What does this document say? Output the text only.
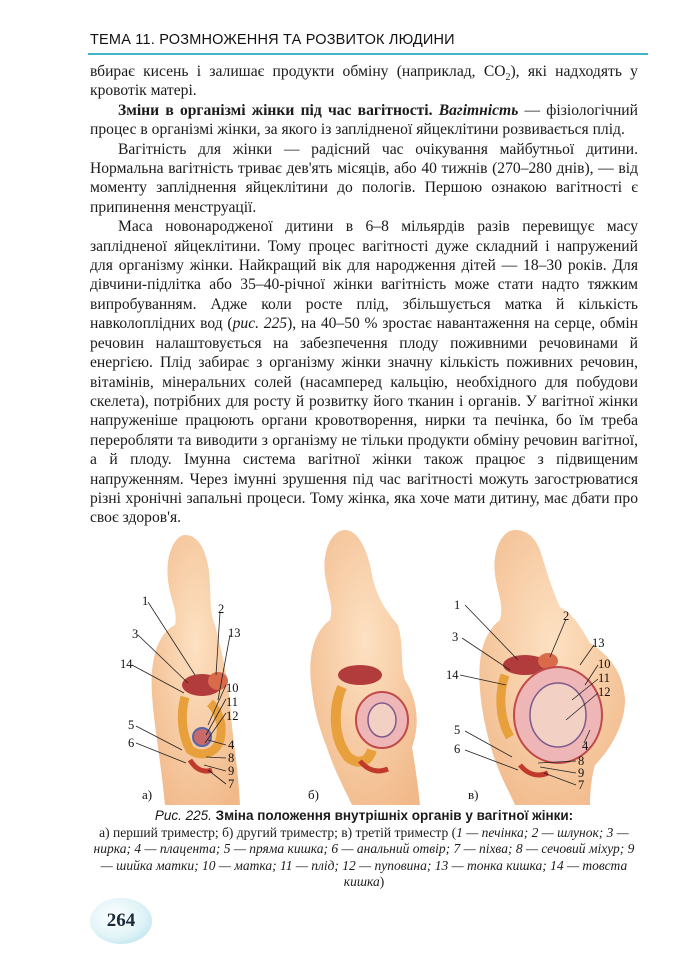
ТЕМА 11. РОЗМНОЖЕННЯ ТА РОЗВИТОК ЛЮДИНИ

вбирає кисень і залишає продукти обміну (наприклад, $CO_2$), які надходять у кровотік матері.

Зміни в організмі жінки під час вагітності. Вагітність — фізіологічний процес в організмі жінки, за якого із заплідненої яйцеклітини розвивається плід.

Вагітність для жінки — радісний час очікування майбутньої дитини. Нормальна вагітність триває дев'ять місяців, або 40 тижнів (270–280 днів), — від моменту запліднення яйцеклітини до пологів. Першою ознакою вагітності є припинення менструації.

Маса новонародженої дитини в 6–8 мільярдів разів перевищує масу заплідненої яйцеклітини. Тому процес вагітності дуже складний і напружений для організму жінки. Найкращий вік для народження дітей — 18–30 років. Для дівчини-підлітка або 35–40-річної жінки вагітність може стати надто тяжким випробуванням. Адже коли росте плід, збільшується матка й кількість навколоплідних вод (рис. 225), на 40–50 % зростає навантаження на серце, обмін речовин налаштовується на забезпечення плоду поживними речовинами й енергією. Плід забирає з організму жінки значну кількість поживних речовин, вітамінів, мінеральних солей (насамперед кальцію, необхідного для побудови скелета), потрібних для росту й розвитку його тканин і органів. У вагітної жінки напруженіше працюють органи кровотворення, нирки та печінка, бо їм треба переробляти та виводити з організму не тільки продукти обміну речовин вагітної, а й плоду. Імунна система вагітної жінки також працює з підвищеним напруженням. Через імунні зрушення під час вагітності можуть загострюватися різні хронічні запальні процеси. Тому жінка, яка хоче мати дитину, має дбати про своє здоров'я.

1
3
14
2
13
10
11
12
5
6	4
8
9
7
а)	б)
1
3
14
2
13
10
11
12
5
6	4
8
9
7
в)
Рис. 225. Зміна положення внутрішніх органів у вагітної жінки:
а) перший триместр; б) другий триместр; в) третій триместр (1 — печінка; 2 — шлунок; 3 — нирка; 4 — плацента; 5 — пряма кишка; 6 — анальний отвір; 7 — піхва; 8 — сечовий міхур; 9 — шийка матки; 10 — матка; 11 — плід; 12 — пуповина; 13 — тонка кишка; 14 — товста кишка)
264
